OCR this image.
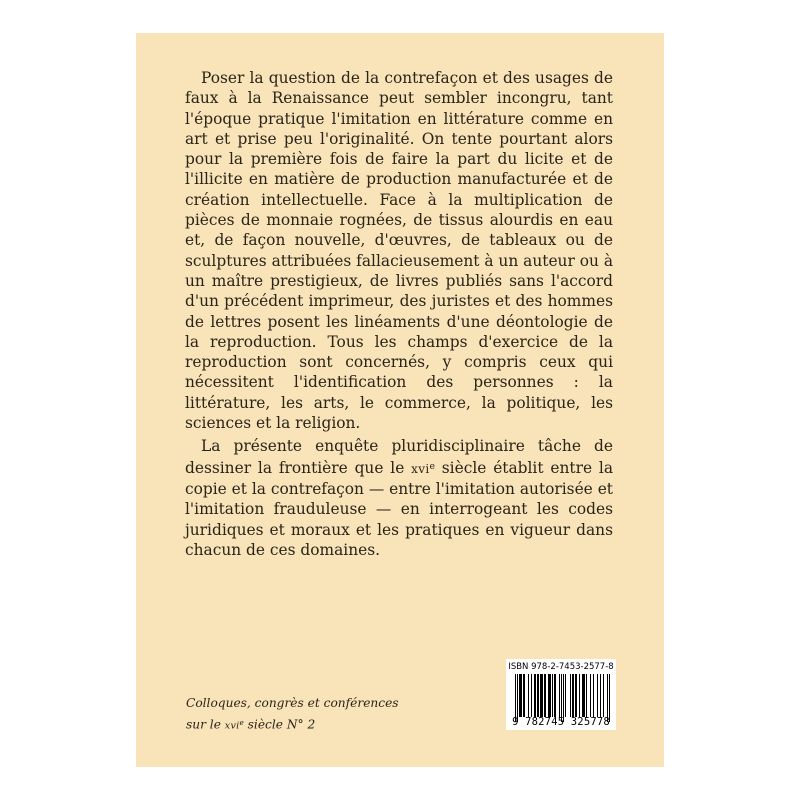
Poser la question de la contrefaçon et des usages de faux à la Renaissance peut sembler incongru, tant l'époque pratique l'imitation en littérature comme en art et prise peu l'originalité. On tente pourtant alors pour la première fois de faire la part du licite et de l'illicite en matière de production manufacturée et de création intellectuelle. Face à la multiplication de pièces de monnaie rognées, de tissus alourdis en eau et, de façon nouvelle, d'œuvres, de tableaux ou de sculptures attribuées fallacieusement à un auteur ou à un maître prestigieux, de livres publiés sans l'accord d'un précédent imprimeur, des juristes et des hommes de lettres posent les linéaments d'une déontologie de la reproduction. Tous les champs d'exercice de la reproduction sont concernés, y compris ceux qui nécessitent l'identification des personnes : la littérature, les arts, le commerce, la politique, les sciences et la religion.

La présente enquête pluridisciplinaire tâche de dessiner la frontière que le xvi$^e$ siècle établit entre la copie et la contrefaçon — entre l'imitation autorisée et l'imitation frauduleuse — en interrogeant les codes juridiques et moraux et les pratiques en vigueur dans chacun de ces domaines.

Colloques, congrès et conférences
sur le xvi$^e$ siècle N° 2
ISBN 978-2-7453-2577-8
9 782745 325778
